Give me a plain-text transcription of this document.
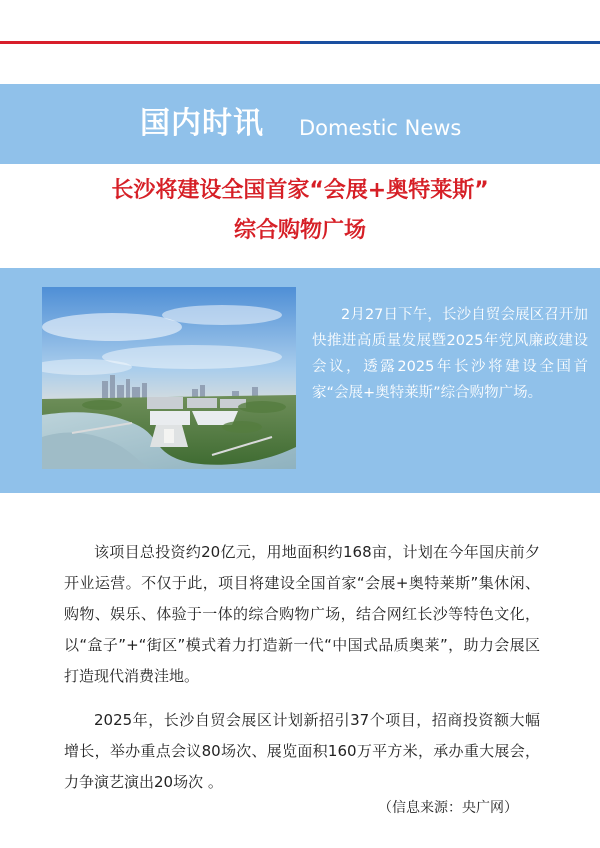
国内时讯 Domestic News
长沙将建设全国首家“会展+奥特莱斯”
综合购物广场
2月27日下午，长沙自贸会展区召开加快推进高质量发展暨2025年党风廉政建设会议，透露2025年长沙将建设全国首家“会展+奥特莱斯”综合购物广场。

该项目总投资约20亿元，用地面积约168亩，计划在今年国庆前夕开业运营。不仅于此，项目将建设全国首家“会展+奥特莱斯”集休闲、购物、娱乐、体验于一体的综合购物广场，结合网红长沙等特色文化，以“盒子”+“街区”模式着力打造新一代“中国式品质奥莱”，助力会展区打造现代消费洼地。

2025年，长沙自贸会展区计划新招引37个项目，招商投资额大幅增长，举办重点会议80场次、展览面积160万平方米，承办重大展会，力争演艺演出20场次 。

（信息来源：央广网）
